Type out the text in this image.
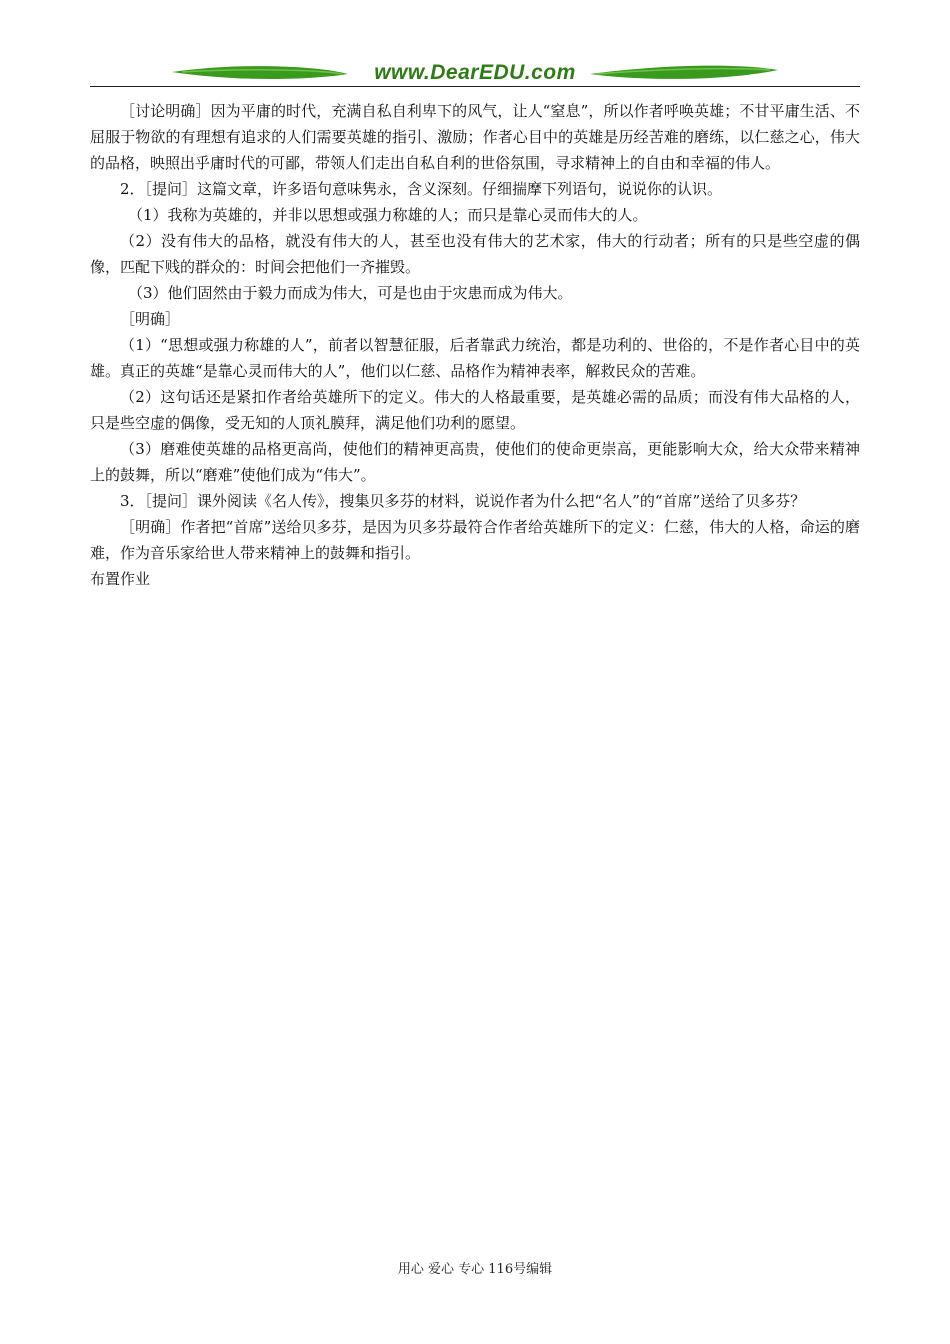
www.DearEDU.com

［讨论明确］因为平庸的时代，充满自私自利卑下的风气，让人“窒息”，所以作者呼唤英雄；不甘平庸生活、不屈服于物欲的有理想有追求的人们需要英雄的指引、激励；作者心目中的英雄是历经苦难的磨练，以仁慈之心，伟大的品格，映照出乎庸时代的可鄙，带领人们走出自私自利的世俗氛围，寻求精神上的自由和幸福的伟人。

2．［提问］这篇文章，许多语句意味隽永，含义深刻。仔细揣摩下列语句，说说你的认识。

（1）我称为英雄的，并非以思想或强力称雄的人；而只是靠心灵而伟大的人。

（2）没有伟大的品格，就没有伟大的人，甚至也没有伟大的艺术家，伟大的行动者；所有的只是些空虚的偶像，匹配下贱的群众的：时间会把他们一齐摧毁。

（3）他们固然由于毅力而成为伟大，可是也由于灾患而成为伟大。

［明确］

（1）“思想或强力称雄的人”，前者以智慧征服，后者靠武力统治，都是功利的、世俗的，不是作者心目中的英雄。真正的英雄“是靠心灵而伟大的人”，他们以仁慈、品格作为精神表率，解救民众的苦难。

（2）这句话还是紧扣作者给英雄所下的定义。伟大的人格最重要，是英雄必需的品质；而没有伟大品格的人，只是些空虚的偶像，受无知的人顶礼膜拜，满足他们功利的愿望。

（3）磨难使英雄的品格更高尚，使他们的精神更高贵，使他们的使命更崇高，更能影响大众，给大众带来精神上的鼓舞，所以“磨难”使他们成为“伟大”。

3．［提问］课外阅读《名人传》，搜集贝多芬的材料，说说作者为什么把“名人”的“首席”送给了贝多芬？

［明确］作者把“首席”送给贝多芬，是因为贝多芬最符合作者给英雄所下的定义：仁慈，伟大的人格，命运的磨难，作为音乐家给世人带来精神上的鼓舞和指引。

布置作业

用心 爱心 专心 116号编辑
